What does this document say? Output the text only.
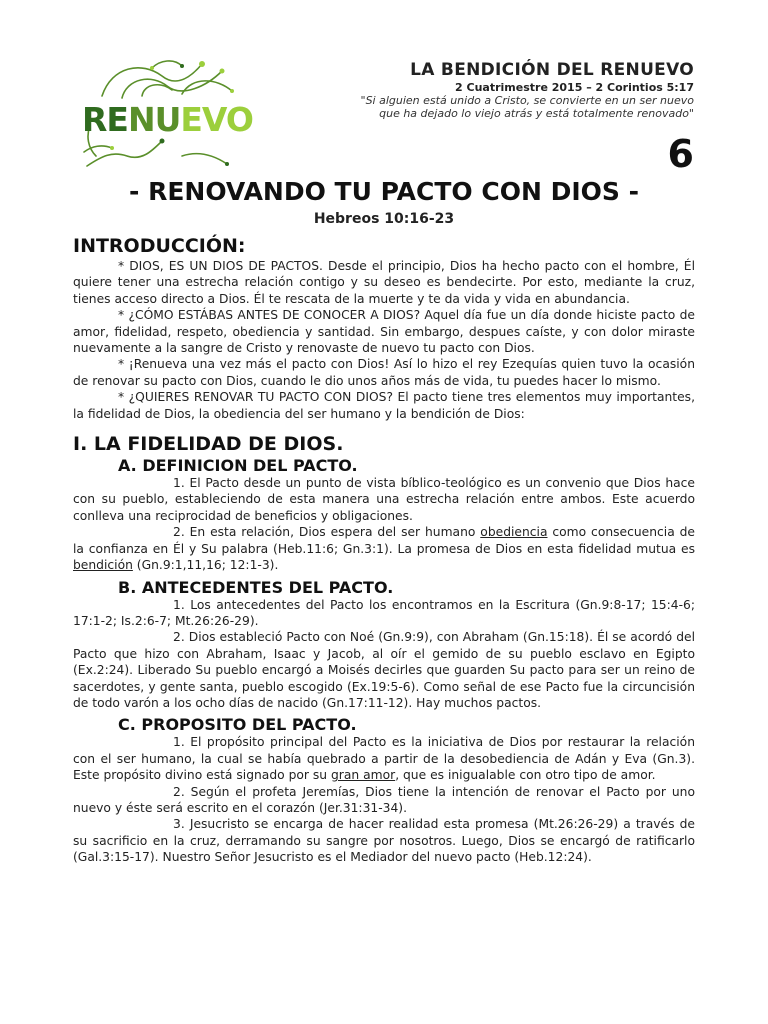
RENUEVO
LA BENDICIÓN DEL RENUEVO
2 Cuatrimestre 2015 – 2 Corintios 5:17
"Si alguien está unido a Cristo, se convierte en un ser nuevo
que ha dejado lo viejo atrás y está totalmente renovado"
6
- RENOVANDO TU PACTO CON DIOS -
Hebreos 10:16-23
INTRODUCCIÓN:

* DIOS, ES UN DIOS DE PACTOS. Desde el principio, Dios ha hecho pacto con el hombre, Él quiere tener una estrecha relación contigo y su deseo es bendecirte. Por esto, mediante la cruz, tienes acceso directo a Dios. Él te rescata de la muerte y te da vida y vida en abundancia.

* ¿CÓMO ESTÁBAS ANTES DE CONOCER A DIOS? Aquel día fue un día donde hiciste pacto de amor, fidelidad, respeto, obediencia y santidad. Sin embargo, despues caíste, y con dolor miraste nuevamente a la sangre de Cristo y renovaste de nuevo tu pacto con Dios.

* ¡Renueva una vez más el pacto con Dios! Así lo hizo el rey Ezequías quien tuvo la ocasión de renovar su pacto con Dios, cuando le dio unos años más de vida, tu puedes hacer lo mismo.

* ¿QUIERES RENOVAR TU PACTO CON DIOS? El pacto tiene tres elementos muy importantes, la fidelidad de Dios, la obediencia del ser humano y la bendición de Dios:

I. LA FIDELIDAD DE DIOS.
A. DEFINICION DEL PACTO.

1. El Pacto desde un punto de vista bíblico-teológico es un convenio que Dios hace con su pueblo, estableciendo de esta manera una estrecha relación entre ambos. Este acuerdo conlleva una reciprocidad de beneficios y obligaciones.

2. En esta relación, Dios espera del ser humano obediencia como consecuencia de la confianza en Él y Su palabra (Heb.11:6; Gn.3:1). La promesa de Dios en esta fidelidad mutua es bendición (Gn.9:1,11,16; 12:1-3).

B. ANTECEDENTES DEL PACTO.

1. Los antecedentes del Pacto los encontramos en la Escritura (Gn.9:8-17; 15:4-6; 17:1-2; Is.2:6-7; Mt.26:26-29).

2. Dios estableció Pacto con Noé (Gn.9:9), con Abraham (Gn.15:18). Él se acordó del Pacto que hizo con Abraham, Isaac y Jacob, al oír el gemido de su pueblo esclavo en Egipto (Ex.2:24). Liberado Su pueblo encargó a Moisés decirles que guarden Su pacto para ser un reino de sacerdotes, y gente santa, pueblo escogido (Ex.19:5-6). Como señal de ese Pacto fue la circuncisión de todo varón a los ocho días de nacido (Gn.17:11-12). Hay muchos pactos.

C. PROPOSITO DEL PACTO.

1. El propósito principal del Pacto es la iniciativa de Dios por restaurar la relación con el ser humano, la cual se había quebrado a partir de la desobediencia de Adán y Eva (Gn.3). Este propósito divino está signado por su gran amor, que es inigualable con otro tipo de amor.

2. Según el profeta Jeremías, Dios tiene la intención de renovar el Pacto por uno nuevo y éste será escrito en el corazón (Jer.31:31-34).

3. Jesucristo se encarga de hacer realidad esta promesa (Mt.26:26-29) a través de su sacrificio en la cruz, derramando su sangre por nosotros. Luego, Dios se encargó de ratificarlo (Gal.3:15-17). Nuestro Señor Jesucristo es el Mediador del nuevo pacto (Heb.12:24).
